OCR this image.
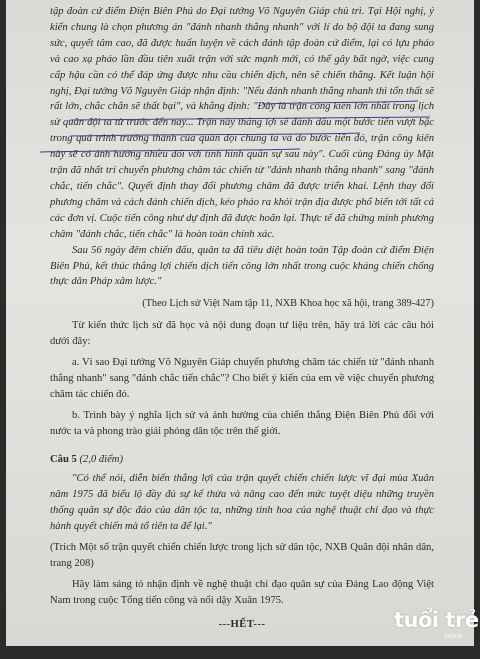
tập đoàn cứ điểm Điện Biên Phủ do Đại tướng Võ Nguyên Giáp chủ trì. Tại Hội nghị, ý kiến chung là chọn phương án "đánh nhanh thắng nhanh" với lí do bộ đội ta đang sung sức, quyết tâm cao, đã được huấn luyện về cách đánh tập đoàn cứ điểm, lại có lựu pháo và cao xạ pháo lần đầu tiên xuất trận với sức mạnh mới, có thể gây bất ngờ, việc cung cấp hậu cần có thể đáp ứng được nhu cầu chiến dịch, nên sẽ chiến thắng. Kết luận hội nghị, Đại tướng Võ Nguyên Giáp nhận định: "Nếu đánh nhanh thắng nhanh thì tổn thất sẽ rất lớn, chắc chắn sẽ thất bại", và khẳng định: "Đây là trận công kiên lớn nhất trong lịch sử quân đội ta từ trước đến nay... Trận này thắng lợi sẽ đánh dấu một bước tiến vượt bậc trong quá trình trưởng thành của quân đội chúng ta và do bước tiến đó, trận công kiên này sẽ có ảnh hưởng nhiều đối với tình hình quân sự sau này". Cuối cùng Đảng ủy Mặt trận đã nhất trí chuyển phương châm tác chiến từ "đánh nhanh thắng nhanh" sang "đánh chắc, tiến chắc". Quyết định thay đổi phương châm đã được triển khai. Lệnh thay đổi phương châm và cách đánh chiến dịch, kéo pháo ra khỏi trận địa được phổ biến tới tất cả các đơn vị. Cuộc tiến công như dự định đã được hoãn lại. Thực tế đã chứng minh phương châm "đánh chắc, tiến chắc" là hoàn toàn chính xác.

Sau 56 ngày đêm chiến đấu, quân ta đã tiêu diệt hoàn toàn Tập đoàn cứ điểm Điện Biên Phủ, kết thúc thắng lợi chiến dịch tiến công lớn nhất trong cuộc kháng chiến chống thực dân Pháp xâm lược."

(Theo Lịch sử Việt Nam tập 11, NXB Khoa học xã hội, trang 389-427)

Từ kiến thức lịch sử đã học và nội dung đoạn tư liệu trên, hãy trả lời các câu hỏi dưới đây:

a. Vì sao Đại tướng Võ Nguyên Giáp chuyển phương châm tác chiến từ "đánh nhanh thắng nhanh" sang "đánh chắc tiến chắc"? Cho biết ý kiến của em về việc chuyển phương châm tác chiến đó.

b. Trình bày ý nghĩa lịch sử và ảnh hưởng của chiến thắng Điện Biên Phủ đối với nước ta và phong trào giải phóng dân tộc trên thế giới.

Câu 5 (2,0 điểm)

"Có thể nói, diễn biến thắng lợi của trận quyết chiến chiến lược vĩ đại mùa Xuân năm 1975 đã biểu lộ đầy đủ sự kế thừa và nâng cao đến mức tuyệt diệu những truyền thống quân sự độc đáo của dân tộc ta, những tinh hoa của nghệ thuật chỉ đạo và thực hành quyết chiến mà tổ tiên ta để lại."

(Trích Một số trận quyết chiến chiến lược trong lịch sử dân tộc, NXB Quân đội nhân dân, trang 208)

Hãy làm sáng tỏ nhận định về nghệ thuật chỉ đạo quân sự của Đảng Lao động Việt Nam trong cuộc Tổng tiến công và nổi dậy Xuân 1975.

---HẾT---

3

tuổi trẻ
online
